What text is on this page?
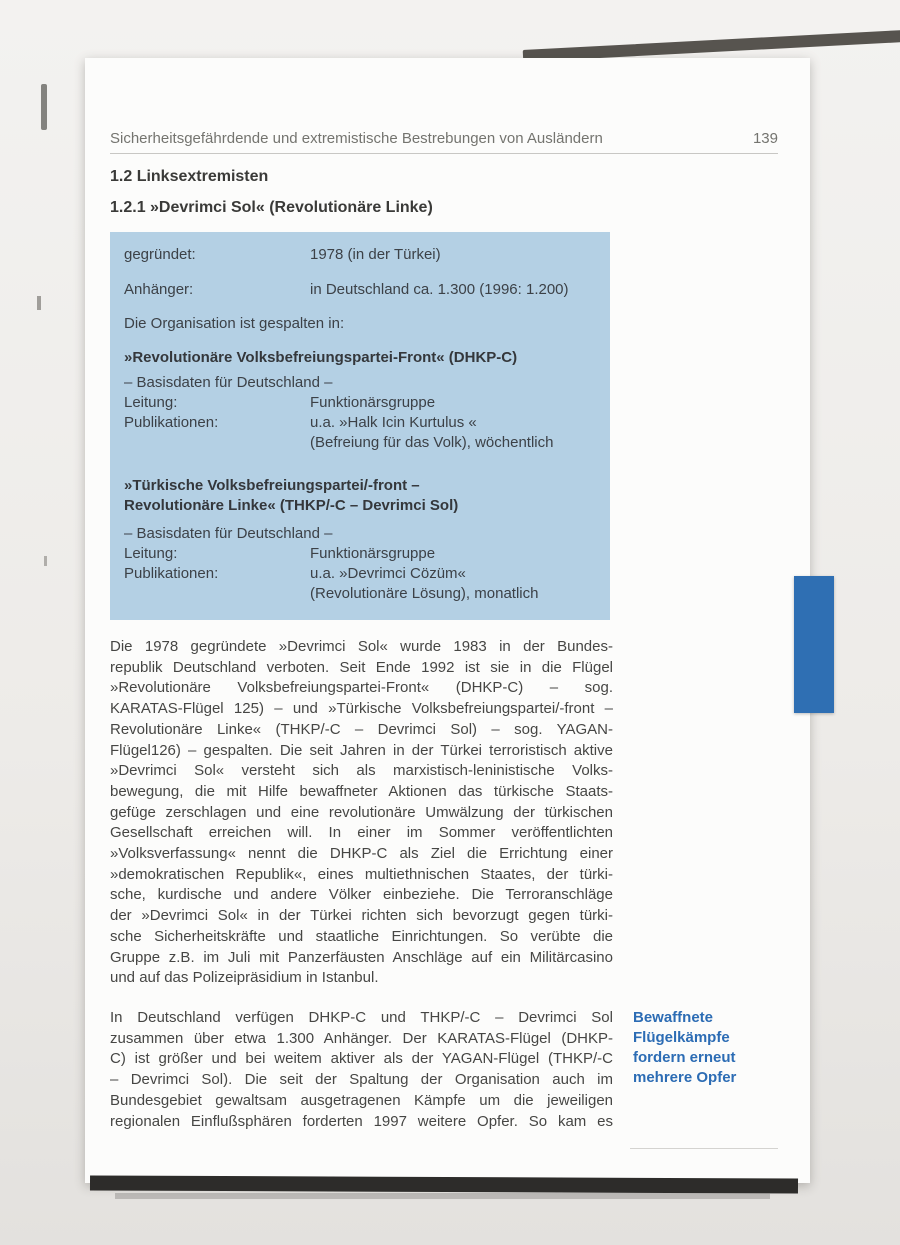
Sicherheitsgefährdende und extremistische Bestrebungen von Ausländern	139
1.2 Linksextremisten
1.2.1 »Devrimci Sol« (Revolutionäre Linke)
gegründet:	1978 (in der Türkei)
Anhänger:	in Deutschland ca. 1.300 (1996: 1.200)
Die Organisation ist gespalten in:
»Revolutionäre Volksbefreiungspartei-Front« (DHKP-C)
– Basisdaten für Deutschland –
Leitung:	Funktionärsgruppe
Publikationen:	u.a. »Halk Icin Kurtulus «
(Befreiung für das Volk), wöchentlich
»Türkische Volksbefreiungspartei/-front –
Revolutionäre Linke« (THKP/-C – Devrimci Sol)
– Basisdaten für Deutschland –
Leitung:	Funktionärsgruppe
Publikationen:	u.a. »Devrimci Cözüm«
(Revolutionäre Lösung), monatlich
Die 1978 gegründete »Devrimci Sol« wurde 1983 in der Bundes-
republik Deutschland verboten. Seit Ende 1992 ist sie in die Flügel
»Revolutionäre Volksbefreiungspartei-Front« (DHKP-C) – sog.
KARATAS-Flügel 125) – und »Türkische Volksbefreiungspartei/-front –
Revolutionäre Linke« (THKP/-C – Devrimci Sol) – sog. YAGAN-
Flügel126) – gespalten. Die seit Jahren in der Türkei terroristisch aktive
»Devrimci Sol« versteht sich als marxistisch-leninistische Volks-
bewegung, die mit Hilfe bewaffneter Aktionen das türkische Staats-
gefüge zerschlagen und eine revolutionäre Umwälzung der türkischen
Gesellschaft erreichen will. In einer im Sommer veröffentlichten
»Volksverfassung« nennt die DHKP-C als Ziel die Errichtung einer
»demokratischen Republik«, eines multiethnischen Staates, der türki-
sche, kurdische und andere Völker einbeziehe. Die Terroranschläge
der »Devrimci Sol« in der Türkei richten sich bevorzugt gegen türki-
sche Sicherheitskräfte und staatliche Einrichtungen. So verübte die
Gruppe z.B. im Juli mit Panzerfäusten Anschläge auf ein Militärcasino
und auf das Polizeipräsidium in Istanbul.
In Deutschland verfügen DHKP-C und THKP/-C – Devrimci Sol
zusammen über etwa 1.300 Anhänger. Der KARATAS-Flügel (DHKP-
C) ist größer und bei weitem aktiver als der YAGAN-Flügel (THKP/-C
– Devrimci Sol). Die seit der Spaltung der Organisation auch im
Bundesgebiet gewaltsam ausgetragenen Kämpfe um die jeweiligen
regionalen Einflußsphären forderten 1997 weitere Opfer. So kam es
Bewaffnete
Flügelkämpfe
fordern erneut
mehrere Opfer
